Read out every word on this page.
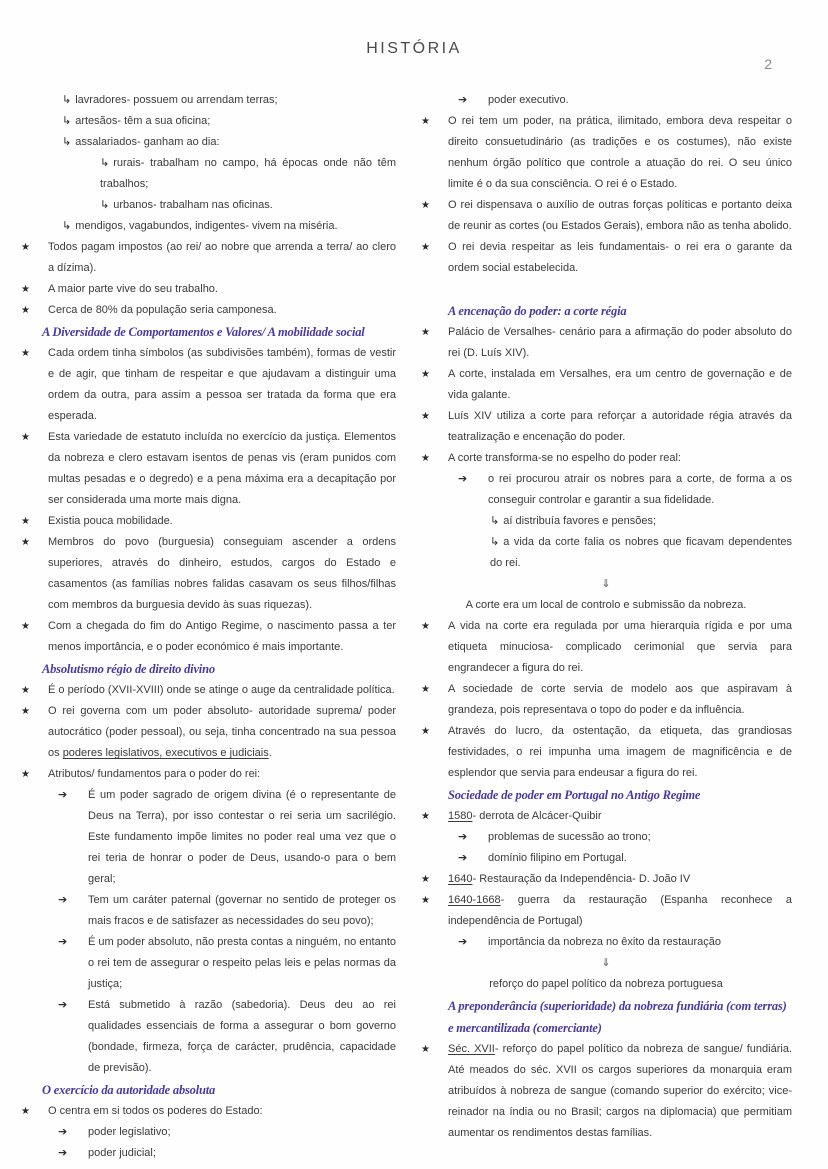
HISTÓRIA
2
↳ lavradores- possuem ou arrendam terras;
↳ artesãos- têm a sua oficina;
↳ assalariados- ganham ao dia:
↳ rurais- trabalham no campo, há épocas onde não têm trabalhos;
↳ urbanos- trabalham nas oficinas.
↳ mendigos, vagabundos, indigentes- vivem na miséria.
★ Todos pagam impostos (ao rei/ ao nobre que arrenda a terra/ ao clero a dízima).
★ A maior parte vive do seu trabalho.
★ Cerca de 80% da população seria camponesa.
A Diversidade de Comportamentos e Valores/ A mobilidade social
★ Cada ordem tinha símbolos (as subdivisões também), formas de vestir e de agir, que tinham de respeitar e que ajudavam a distinguir uma ordem da outra, para assim a pessoa ser tratada da forma que era esperada.
★ Esta variedade de estatuto incluída no exercício da justiça. Elementos da nobreza e clero estavam isentos de penas vis (eram punidos com multas pesadas e o degredo) e a pena máxima era a decapitação por ser considerada uma morte mais digna.
★ Existia pouca mobilidade.
★ Membros do povo (burguesia) conseguiam ascender a ordens superiores, através do dinheiro, estudos, cargos do Estado e casamentos (as famílias nobres falidas casavam os seus filhos/filhas com membros da burguesia devido às suas riquezas).
★ Com a chegada do fim do Antigo Regime, o nascimento passa a ter menos importância, e o poder económico é mais importante.
Absolutismo régio de direito divino
★ É o período (XVII-XVIII) onde se atinge o auge da centralidade política.
★ O rei governa com um poder absoluto- autoridade suprema/ poder autocrático (poder pessoal), ou seja, tinha concentrado na sua pessoa os poderes legislativos, executivos e judiciais.
★ Atributos/ fundamentos para o poder do rei:
➔ É um poder sagrado de origem divina (é o representante de Deus na Terra), por isso contestar o rei seria um sacrilégio. Este fundamento impõe limites no poder real uma vez que o rei teria de honrar o poder de Deus, usando-o para o bem geral;
➔ Tem um caráter paternal (governar no sentido de proteger os mais fracos e de satisfazer as necessidades do seu povo);
➔ É um poder absoluto, não presta contas a ninguém, no entanto o rei tem de assegurar o respeito pelas leis e pelas normas da justiça;
➔ Está submetido à razão (sabedoria). Deus deu ao rei qualidades essenciais de forma a assegurar o bom governo (bondade, firmeza, força de carácter, prudência, capacidade de previsão).
O exercício da autoridade absoluta
★ O centra em si todos os poderes do Estado:
➔ poder legislativo;
➔ poder judicial;
➔ poder executivo.
★ O rei tem um poder, na prática, ilimitado, embora deva respeitar o direito consuetudinário (as tradições e os costumes), não existe nenhum órgão político que controle a atuação do rei. O seu único limite é o da sua consciência. O rei é o Estado.
★ O rei dispensava o auxílio de outras forças políticas e portanto deixa de reunir as cortes (ou Estados Gerais), embora não as tenha abolido.
★ O rei devia respeitar as leis fundamentais- o rei era o garante da ordem social estabelecida.
A encenação do poder: a corte régia
★ Palácio de Versalhes- cenário para a afirmação do poder absoluto do rei (D. Luís XIV).
★ A corte, instalada em Versalhes, era um centro de governação e de vida galante.
★ Luís XIV utiliza a corte para reforçar a autoridade régia através da teatralização e encenação do poder.
★ A corte transforma-se no espelho do poder real:
➔ o rei procurou atrair os nobres para a corte, de forma a os conseguir controlar e garantir a sua fidelidade.
↳ aí distribuía favores e pensões;
↳ a vida da corte falia os nobres que ficavam dependentes do rei.
⇓
A corte era um local de controlo e submissão da nobreza.
★ A vida na corte era regulada por uma hierarquia rígida e por uma etiqueta minuciosa- complicado cerimonial que servia para engrandecer a figura do rei.
★ A sociedade de corte servia de modelo aos que aspiravam à grandeza, pois representava o topo do poder e da influência.
★ Através do lucro, da ostentação, da etiqueta, das grandiosas festividades, o rei impunha uma imagem de magnificência e de esplendor que servia para endeusar a figura do rei.
Sociedade de poder em Portugal no Antigo Regime
★ 1580- derrota de Alcácer-Quibir
➔ problemas de sucessão ao trono;
➔ domínio filipino em Portugal.
★ 1640- Restauração da Independência- D. João IV
★ 1640-1668- guerra da restauração (Espanha reconhece a independência de Portugal)
➔ importância da nobreza no êxito da restauração
⇓
reforço do papel político da nobreza portuguesa
A preponderância (superioridade) da nobreza fundiária (com terras) e mercantilizada (comerciante)
★ Séc. XVII- reforço do papel político da nobreza de sangue/ fundiária. Até meados do séc. XVII os cargos superiores da monarquia eram atribuídos à nobreza de sangue (comando superior do exército; vice-reinador na índia ou no Brasil; cargos na diplomacia) que permitiam aumentar os rendimentos destas famílias.
